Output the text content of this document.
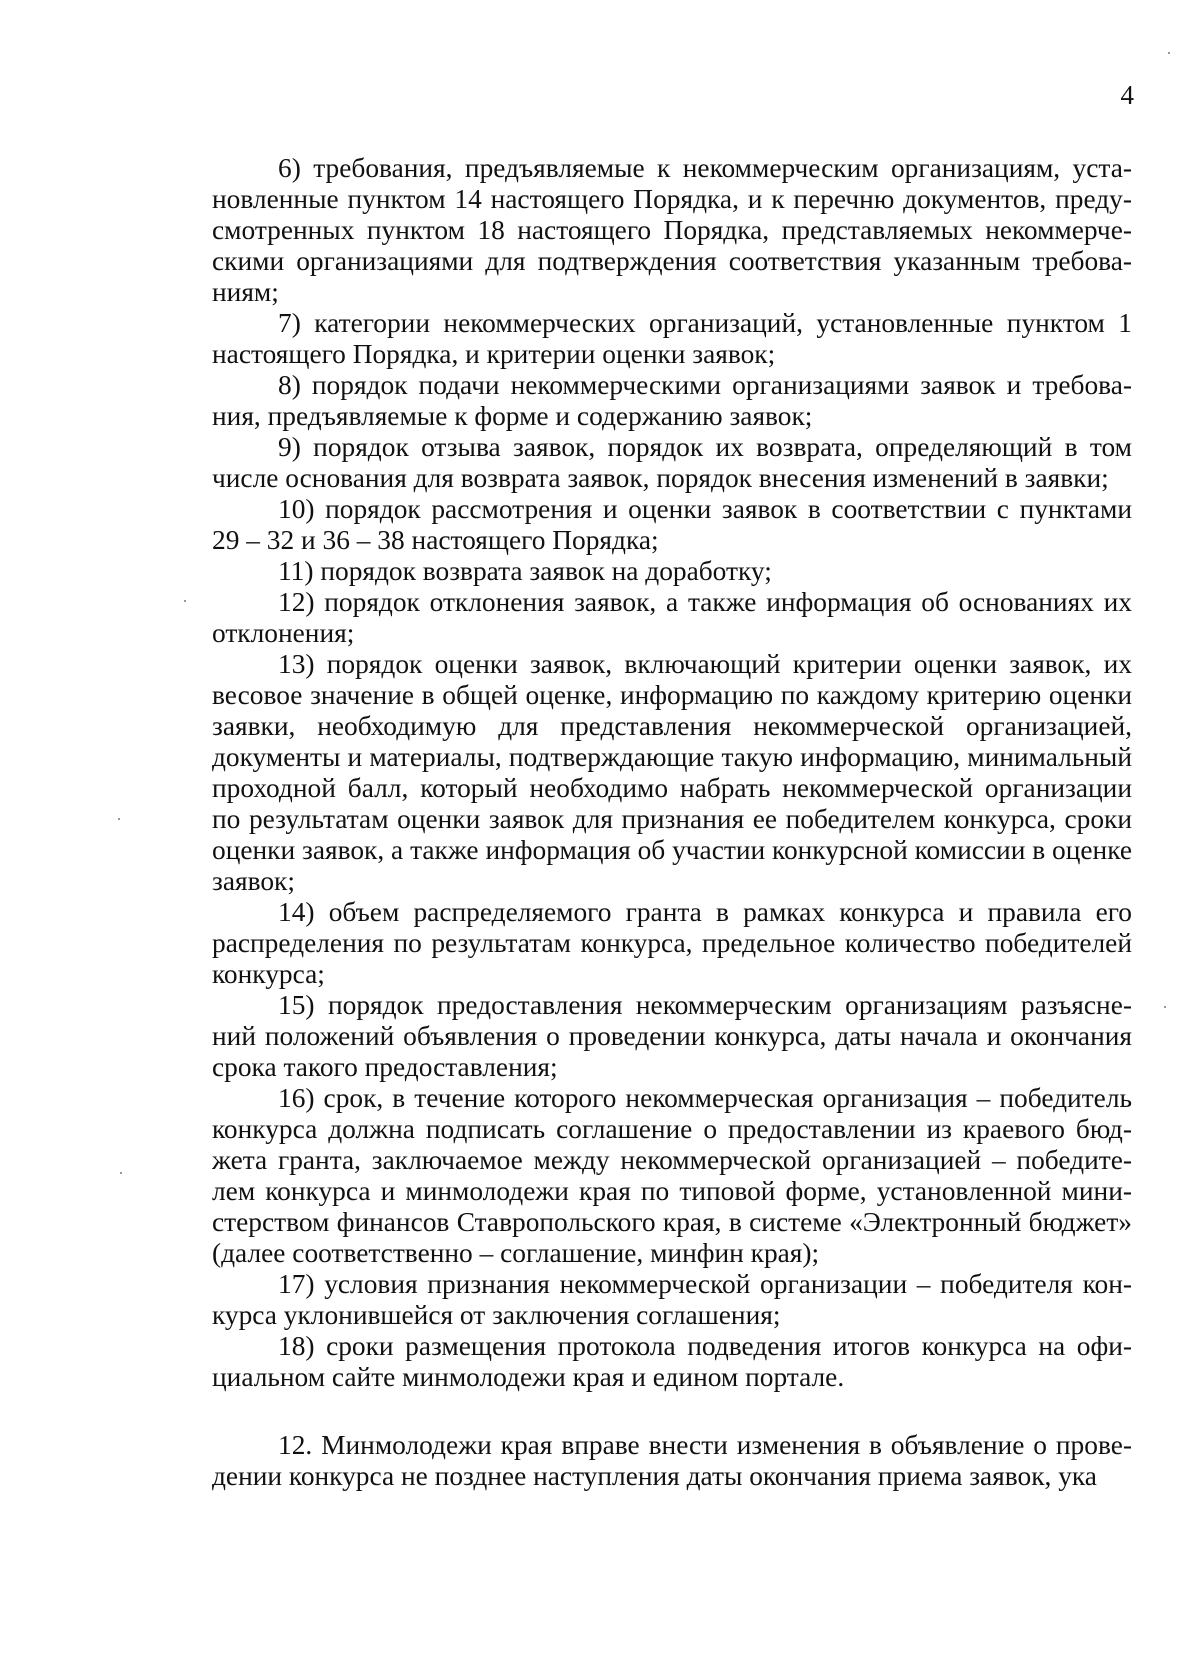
4

6) требования, предъявляемые к некоммерческим организациям, установленные пунктом 14 настоящего Порядка, и к перечню документов, предусмотренных пунктом 18 настоящего Порядка, представляемых некоммерческими организациями для подтверждения соответствия указанным требованиям;

7) категории некоммерческих организаций, установленные пунктом 1 настоящего Порядка, и критерии оценки заявок;

8) порядок подачи некоммерческими организациями заявок и требования, предъявляемые к форме и содержанию заявок;

9) порядок отзыва заявок, порядок их возврата, определяющий в том числе основания для возврата заявок, порядок внесения изменений в заявки;

10) порядок рассмотрения и оценки заявок в соответствии с пунктами 29 – 32 и 36 – 38 настоящего Порядка;

11) порядок возврата заявок на доработку;

12) порядок отклонения заявок, а также информация об основаниях их отклонения;

13) порядок оценки заявок, включающий критерии оценки заявок, их весовое значение в общей оценке, информацию по каждому критерию оценки заявки, необходимую для представления некоммерческой организацией, документы и материалы, подтверждающие такую информацию, минимальный проходной балл, который необходимо набрать некоммерческой организации по результатам оценки заявок для признания ее победителем конкурса, сроки оценки заявок, а также информация об участии конкурсной комиссии в оценке заявок;

14) объем распределяемого гранта в рамках конкурса и правила его распределения по результатам конкурса, предельное количество победителей конкурса;

15) порядок предоставления некоммерческим организациям разъяснений положений объявления о проведении конкурса, даты начала и окончания срока такого предоставления;

16) срок, в течение которого некоммерческая организация – победитель конкурса должна подписать соглашение о предоставлении из краевого бюджета гранта, заключаемое между некоммерческой организацией – победителем конкурса и минмолодежи края по типовой форме, установленной министерством финансов Ставропольского края, в системе «Электронный бюджет» (далее соответственно – соглашение, минфин края);

17) условия признания некоммерческой организации – победителя конкурса уклонившейся от заключения соглашения;

18) сроки размещения протокола подведения итогов конкурса на официальном сайте минмолодежи края и едином портале.

12. Минмолодежи края вправе внести изменения в объявление о проведении конкурса не позднее наступления даты окончания приема заявок, ука
